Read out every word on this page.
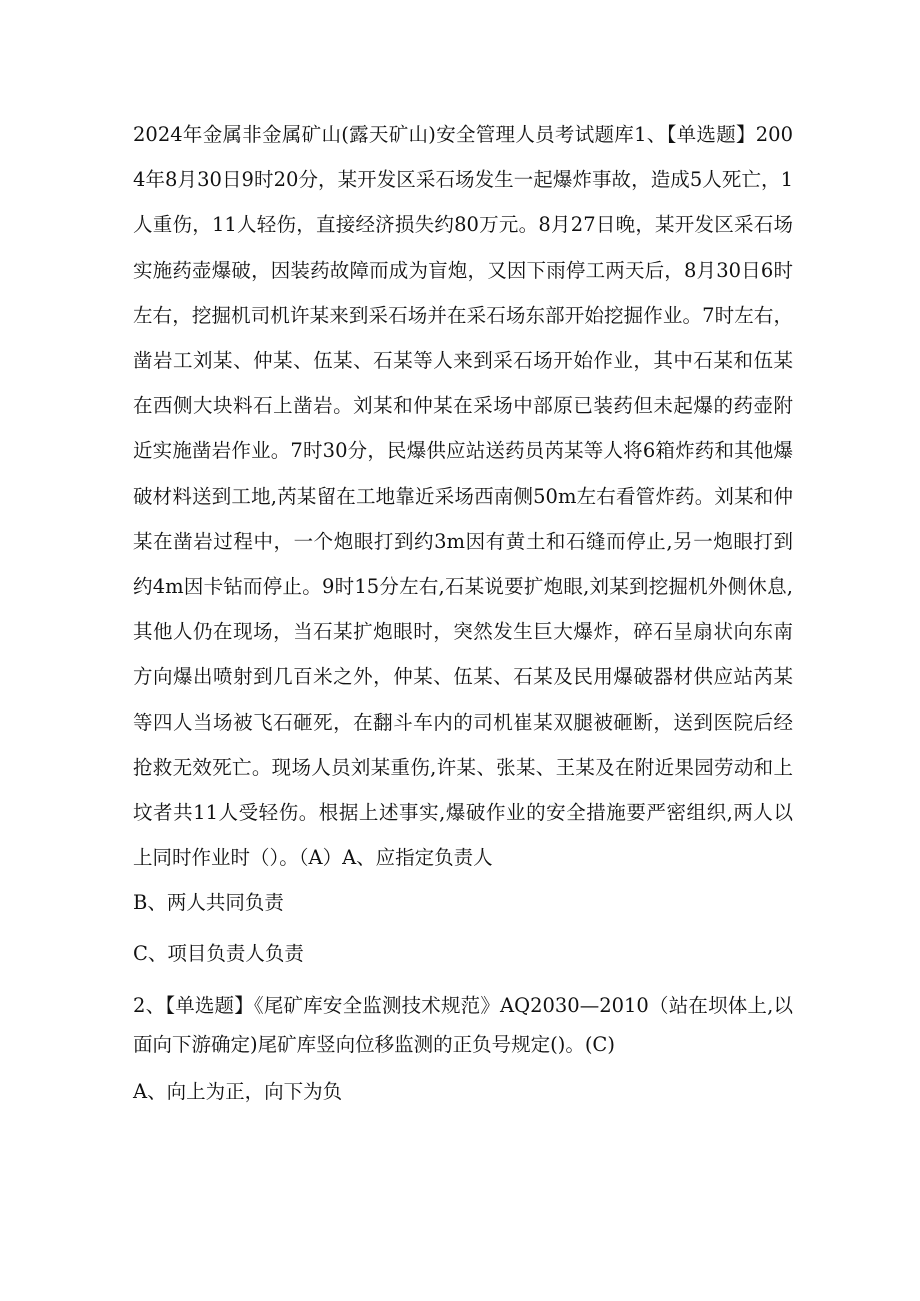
2024年金属非金属矿山(露天矿山)安全管理人员考试题库1、【单选题】2004年8月30日9时20分，某开发区采石场发生一起爆炸事故，造成5人死亡，1人重伤，11人轻伤，直接经济损失约80万元。8月27日晚，某开发区采石场实施药壶爆破，因装药故障而成为盲炮，又因下雨停工两天后，8月30日6时左右，挖掘机司机许某来到采石场并在采石场东部开始挖掘作业。7时左右，凿岩工刘某、仲某、伍某、石某等人来到采石场开始作业，其中石某和伍某在西侧大块料石上凿岩。刘某和仲某在采场中部原已装药但未起爆的药壶附近实施凿岩作业。7时30分，民爆供应站送药员芮某等人将6箱炸药和其他爆破材料送到工地,芮某留在工地靠近采场西南侧50m左右看管炸药。刘某和仲某在凿岩过程中，一个炮眼打到约3m因有黄土和石缝而停止,另一炮眼打到约4m因卡钻而停止。9时15分左右,石某说要扩炮眼,刘某到挖掘机外侧休息,其他人仍在现场，当石某扩炮眼时，突然发生巨大爆炸，碎石呈扇状向东南方向爆出喷射到几百米之外，仲某、伍某、石某及民用爆破器材供应站芮某等四人当场被飞石砸死，在翻斗车内的司机崔某双腿被砸断，送到医院后经抢救无效死亡。现场人员刘某重伤,许某、张某、王某及在附近果园劳动和上坟者共11人受轻伤。根据上述事实,爆破作业的安全措施要严密组织,两人以上同时作业时（）。（A）A、应指定负责人

B、两人共同负责

C、项目负责人负责

2、【单选题】《尾矿库安全监测技术规范》AQ2030—2010（站在坝体上,以面向下游确定)尾矿库竖向位移监测的正负号规定()。(C)

A、向上为正，向下为负
